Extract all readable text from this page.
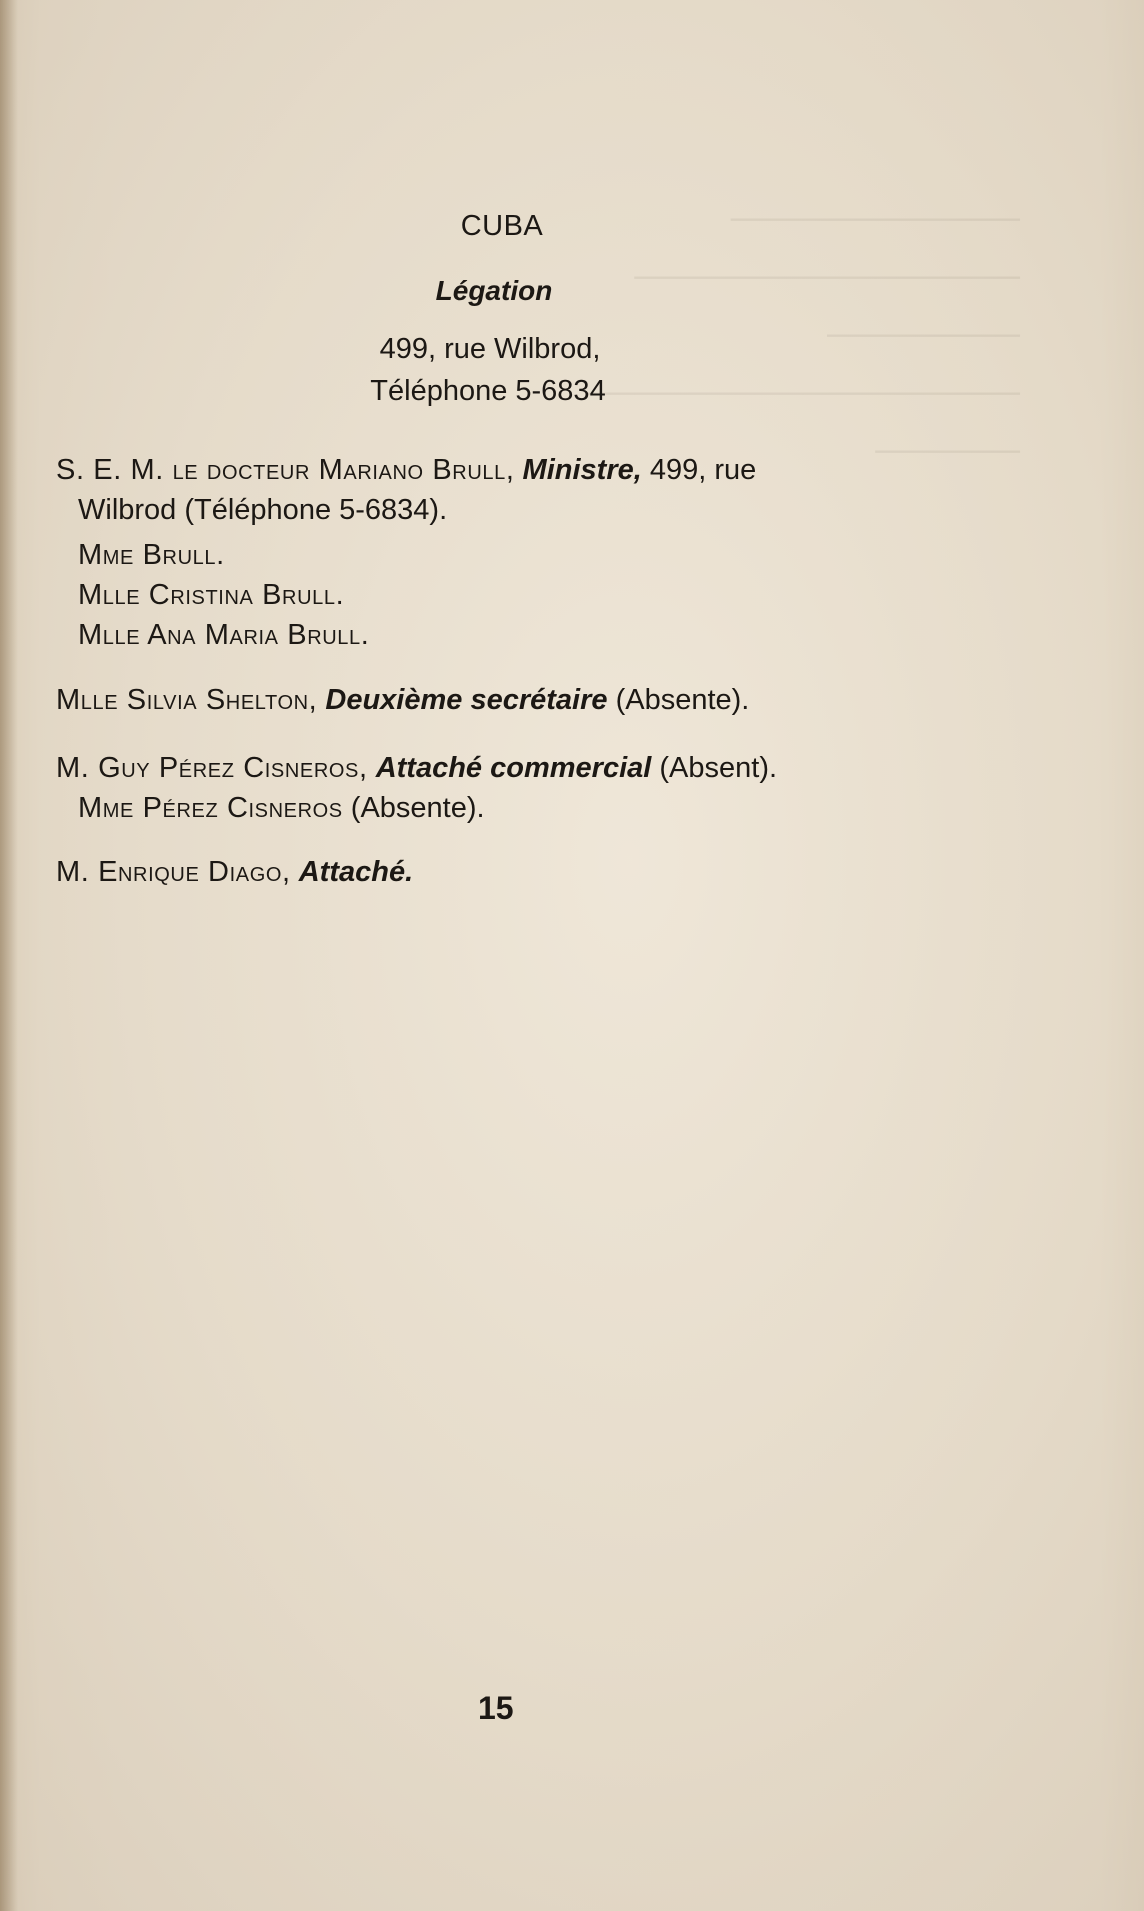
CUBA
Légation
499, rue Wilbrod,
Téléphone 5-6834
S. E. M. le docteur Mariano Brull, Ministre, 499, rue
Wilbrod (Téléphone 5-6834).
Mme Brull.
Mlle Cristina Brull.
Mlle Ana Maria Brull.
Mlle Silvia Shelton, Deuxième secrétaire (Absente).
M. Guy Pérez Cisneros, Attaché commercial (Absent).
Mme Pérez Cisneros (Absente).
M. Enrique Diago, Attaché.
15
